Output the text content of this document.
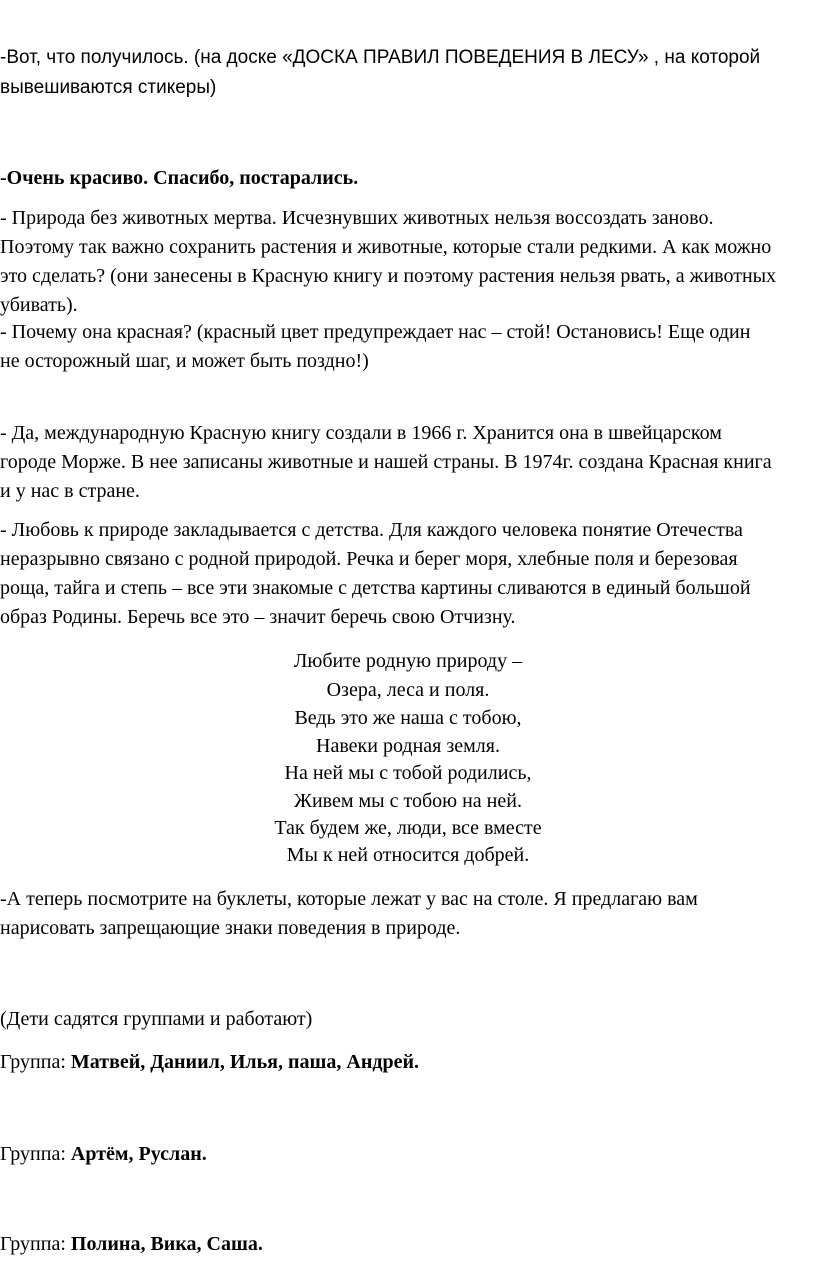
-Вот, что получилось. (на доске «ДОСКА ПРАВИЛ ПОВЕДЕНИЯ В ЛЕСУ» , на которой

вывешиваются стикеры)

-Очень красиво. Спасибо, постарались.

- Природа без животных мертва. Исчезнувших животных нельзя воссоздать заново.

Поэтому так важно сохранить растения и животные, которые стали редкими. А как можно

это сделать? (они занесены в Красную книгу и поэтому растения нельзя рвать, а животных

убивать).

- Почему она красная? (красный цвет предупреждает нас – стой! Остановись! Еще один

не осторожный шаг, и может быть поздно!)

- Да, международную Красную книгу создали в 1966 г. Хранится она в швейцарском

городе Морже. В нее записаны животные и нашей страны. В 1974г. создана Красная книга

и у нас в стране.

- Любовь к природе закладывается с детства. Для каждого человека понятие Отечества

неразрывно связано с родной природой. Речка и берег моря, хлебные поля и березовая

роща, тайга и степь – все эти знакомые с детства картины сливаются в единый большой

образ Родины. Беречь все это – значит беречь свою Отчизну.

Любите родную природу –

Озера, леса и поля.

Ведь это же наша с тобою,

Навеки родная земля.

На ней мы с тобой родились,

Живем мы с тобою на ней.

Так будем же, люди, все вместе

Мы к ней относится добрей.

-А теперь посмотрите на буклеты, которые лежат у вас на столе. Я предлагаю вам

нарисовать запрещающие знаки поведения в природе.

(Дети садятся группами и работают)

Группа: Матвей, Даниил, Илья, паша, Андрей.

Группа: Артём, Руслан.

Группа: Полина, Вика, Саша.
